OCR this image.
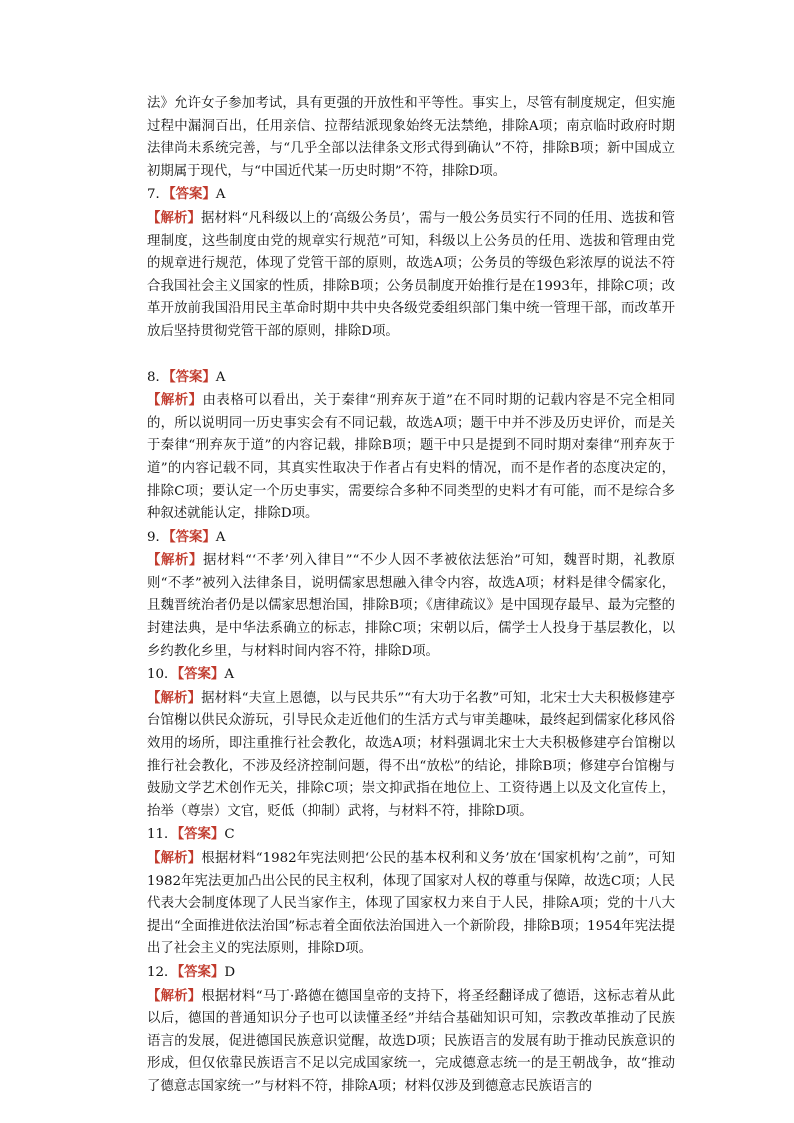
法》允许女子参加考试，具有更强的开放性和平等性。事实上，尽管有制度规定，但实施过程中漏洞百出，任用亲信、拉帮结派现象始终无法禁绝，排除A项；南京临时政府时期法律尚未系统完善，与“几乎全部以法律条文形式得到确认”不符，排除B项；新中国成立初期属于现代，与“中国近代某一历史时期”不符，排除D项。

7．【答案】A

【解析】据材料“凡科级以上的‘高级公务员’，需与一般公务员实行不同的任用、选拔和管理制度，这些制度由党的规章实行规范”可知，科级以上公务员的任用、选拔和管理由党的规章进行规范，体现了党管干部的原则，故选A项；公务员的等级色彩浓厚的说法不符合我国社会主义国家的性质，排除B项；公务员制度开始推行是在1993年，排除C项；改革开放前我国沿用民主革命时期中共中央各级党委组织部门集中统一管理干部，而改革开放后坚持贯彻党管干部的原则，排除D项。

8．【答案】A

【解析】由表格可以看出，关于秦律“刑弃灰于道”在不同时期的记载内容是不完全相同的，所以说明同一历史事实会有不同记载，故选A项；题干中并不涉及历史评价，而是关于秦律“刑弃灰于道”的内容记载，排除B项；题干中只是提到不同时期对秦律“刑弃灰于道”的内容记载不同，其真实性取决于作者占有史料的情况，而不是作者的态度决定的，排除C项；要认定一个历史事实，需要综合多种不同类型的史料才有可能，而不是综合多种叙述就能认定，排除D项。

9．【答案】A

【解析】据材料“‘不孝’列入律目”“不少人因不孝被依法惩治”可知，魏晋时期，礼教原则“不孝”被列入法律条目，说明儒家思想融入律令内容，故选A项；材料是律令儒家化，且魏晋统治者仍是以儒家思想治国，排除B项；《唐律疏议》是中国现存最早、最为完整的封建法典，是中华法系确立的标志，排除C项；宋朝以后，儒学士人投身于基层教化，以乡约教化乡里，与材料时间内容不符，排除D项。

10．【答案】A

【解析】据材料“夫宣上恩德，以与民共乐”“有大功于名教”可知，北宋士大夫积极修建亭台馆榭以供民众游玩，引导民众走近他们的生活方式与审美趣味，最终起到儒家化移风俗效用的场所，即注重推行社会教化，故选A项；材料强调北宋士大夫积极修建亭台馆榭以推行社会教化，不涉及经济控制问题，得不出“放松”的结论，排除B项；修建亭台馆榭与鼓励文学艺术创作无关，排除C项；崇文抑武指在地位上、工资待遇上以及文化宣传上，抬举（尊崇）文官，贬低（抑制）武将，与材料不符，排除D项。

11．【答案】C

【解析】根据材料“1982年宪法则把‘公民的基本权利和义务’放在‘国家机构’之前”，可知1982年宪法更加凸出公民的民主权利，体现了国家对人权的尊重与保障，故选C项；人民代表大会制度体现了人民当家作主，体现了国家权力来自于人民，排除A项；党的十八大提出“全面推进依法治国”标志着全面依法治国进入一个新阶段，排除B项；1954年宪法提出了社会主义的宪法原则，排除D项。

12．【答案】D

【解析】根据材料“马丁·路德在德国皇帝的支持下，将圣经翻译成了德语，这标志着从此以后，德国的普通知识分子也可以读懂圣经”并结合基础知识可知，宗教改革推动了民族语言的发展，促进德国民族意识觉醒，故选D项；民族语言的发展有助于推动民族意识的形成，但仅依靠民族语言不足以完成国家统一，完成德意志统一的是王朝战争，故“推动了德意志国家统一”与材料不符，排除A项；材料仅涉及到德意志民族语言的
